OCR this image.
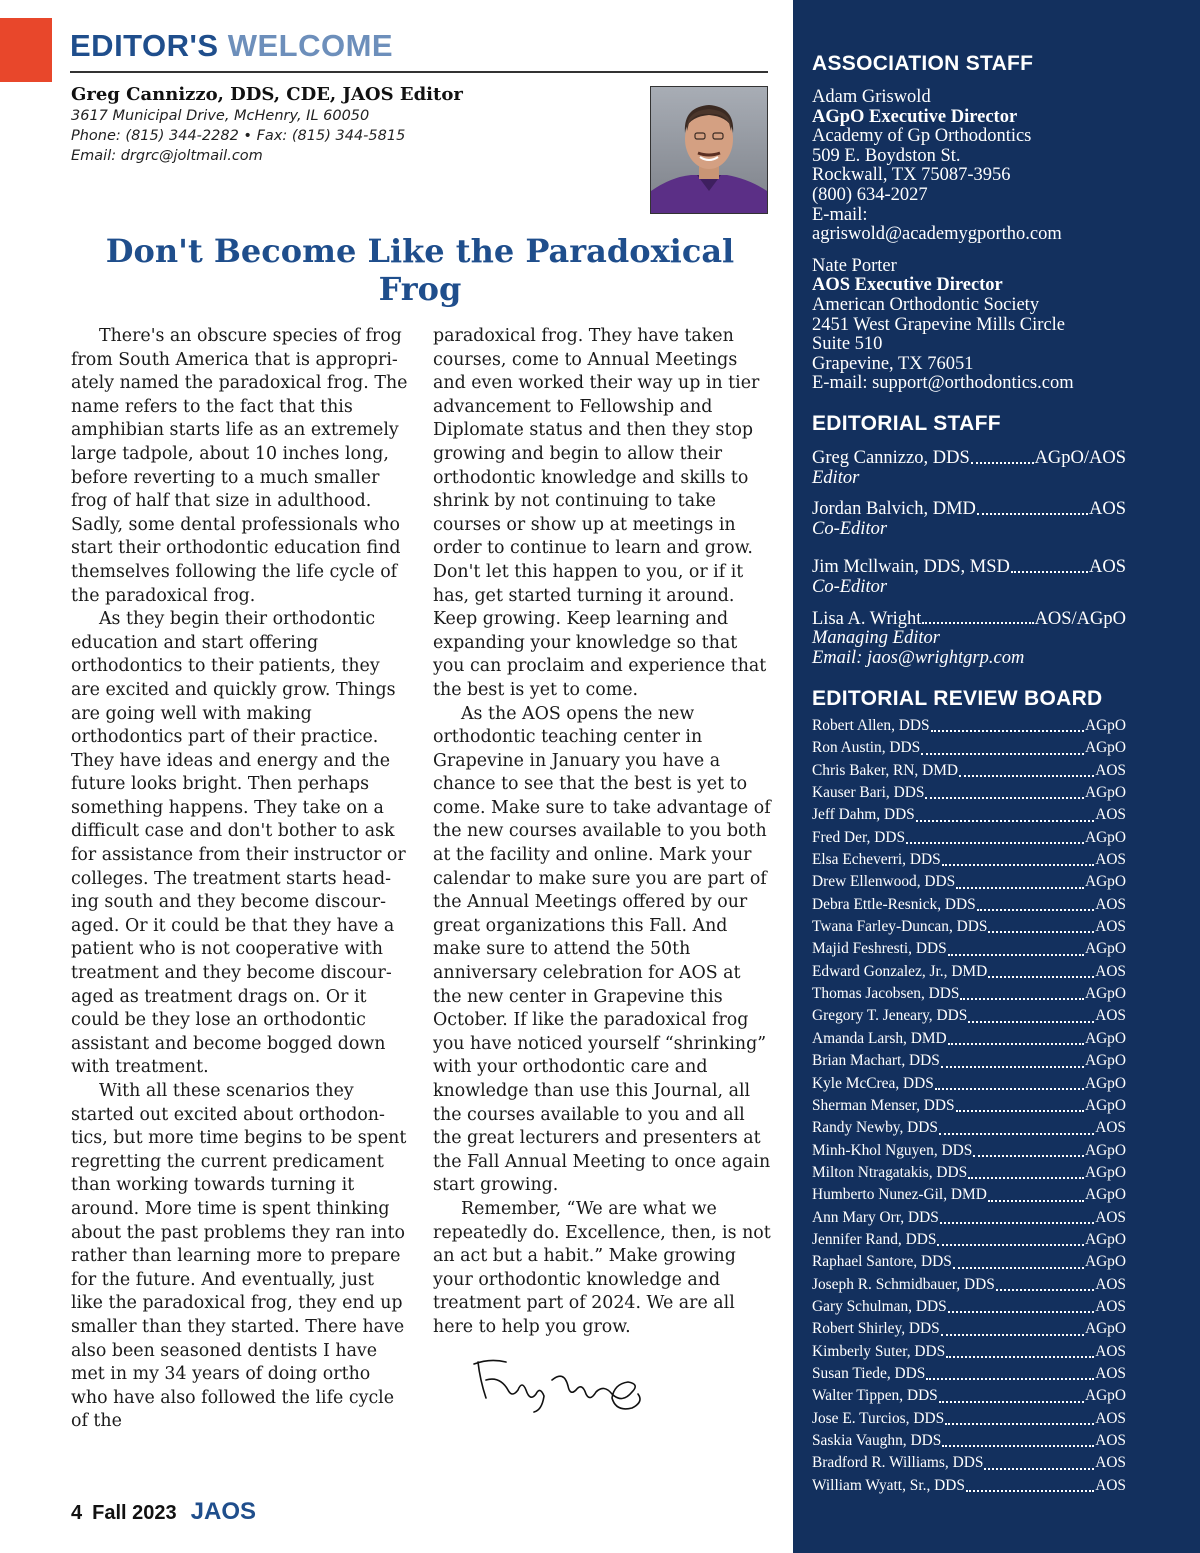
EDITOR'S WELCOME

Greg Cannizzo, DDS, CDE, JAOS Editor

3617 Municipal Drive, McHenry, IL 60050

Phone: (815) 344-2282 • Fax: (815) 344-5815

Email: drgrc@joltmail.com

Don't Become Like the Paradoxical Frog

There's an obscure species of frog from South America that is appropriately named the paradoxical frog. The name refers to the fact that this amphibian starts life as an extremely large tadpole, about 10 inches long, before reverting to a much smaller frog of half that size in adulthood. Sadly, some dental professionals who start their orthodontic education find themselves following the life cycle of the paradoxical frog.

As they begin their orthodontic education and start offering orthodontics to their patients, they are excited and quickly grow. Things are going well with making orthodontics part of their practice. They have ideas and energy and the future looks bright. Then perhaps something happens. They take on a difficult case and don't bother to ask for assistance from their instructor or colleges. The treatment starts heading south and they become discouraged. Or it could be that they have a patient who is not cooperative with treatment and they become discouraged as treatment drags on. Or it could be they lose an orthodontic assistant and become bogged down with treatment.

With all these scenarios they started out excited about orthodontics, but more time begins to be spent regretting the current predicament than working towards turning it around. More time is spent thinking about the past problems they ran into rather than learning more to prepare for the future. And eventually, just like the paradoxical frog, they end up smaller than they started. There have also been seasoned dentists I have met in my 34 years of doing ortho who have also followed the life cycle of the

paradoxical frog. They have taken courses, come to Annual Meetings and even worked their way up in tier advancement to Fellowship and Diplomate status and then they stop growing and begin to allow their orthodontic knowledge and skills to shrink by not continuing to take courses or show up at meetings in order to continue to learn and grow. Don't let this happen to you, or if it has, get started turning it around. Keep growing. Keep learning and expanding your knowledge so that you can proclaim and experience that the best is yet to come.

As the AOS opens the new orthodontic teaching center in Grapevine in January you have a chance to see that the best is yet to come. Make sure to take advantage of the new courses available to you both at the facility and online. Mark your calendar to make sure you are part of the Annual Meetings offered by our great organizations this Fall. And make sure to attend the 50th anniversary celebration for AOS at the new center in Grapevine this October. If like the paradoxical frog you have noticed yourself “shrinking” with your orthodontic care and knowledge than use this Journal, all the courses available to you and all the great lecturers and presenters at the Fall Annual Meeting to once again start growing.

Remember, “We are what we repeatedly do. Excellence, then, is not an act but a habit.” Make growing your orthodontic knowledge and treatment part of 2024. We are all here to help you grow.

4 Fall 2023 JAOS
ASSOCIATION STAFF

Adam Griswold

AGpO Executive Director

Academy of Gp Orthodontics

509 E. Boydston St.

Rockwall, TX 75087-3956

(800) 634-2027

E-mail:

agriswold@academygportho.com

Nate Porter

AOS Executive Director

American Orthodontic Society

2451 West Grapevine Mills Circle

Suite 510

Grapevine, TX 76051

E-mail: support@orthodontics.com

EDITORIAL STAFF
Greg Cannizzo, DDS	AGpO/AOS

Editor

Jordan Balvich, DMD	AOS

Co-Editor

Jim Mcllwain, DDS, MSD	AOS

Co-Editor

Lisa A. Wright	AOS/AGpO

Managing Editor

Email: jaos@wrightgrp.com

EDITORIAL REVIEW BOARD
Robert Allen, DDS	AGpO
Ron Austin, DDS	AGpO
Chris Baker, RN, DMD	AOS
Kauser Bari, DDS	AGpO
Jeff Dahm, DDS	AOS
Fred Der, DDS	AGpO
Elsa Echeverri, DDS	AOS
Drew Ellenwood, DDS	AGpO
Debra Ettle-Resnick, DDS	AOS
Twana Farley-Duncan, DDS	AOS
Majid Feshresti, DDS	AGpO
Edward Gonzalez, Jr., DMD	AOS
Thomas Jacobsen, DDS	AGpO
Gregory T. Jeneary, DDS	AOS
Amanda Larsh, DMD	AGpO
Brian Machart, DDS	AGpO
Kyle McCrea, DDS	AGpO
Sherman Menser, DDS	AGpO
Randy Newby, DDS	AOS
Minh-Khol Nguyen, DDS	AGpO
Milton Ntragatakis, DDS	AGpO
Humberto Nunez-Gil, DMD	AGpO
Ann Mary Orr, DDS	AOS
Jennifer Rand, DDS	AGpO
Raphael Santore, DDS	AGpO
Joseph R. Schmidbauer, DDS	AOS
Gary Schulman, DDS	AOS
Robert Shirley, DDS	AGpO
Kimberly Suter, DDS	AOS
Susan Tiede, DDS	AOS
Walter Tippen, DDS	AGpO
Jose E. Turcios, DDS	AOS
Saskia Vaughn, DDS	AOS
Bradford R. Williams, DDS	AOS
William Wyatt, Sr., DDS	AOS
